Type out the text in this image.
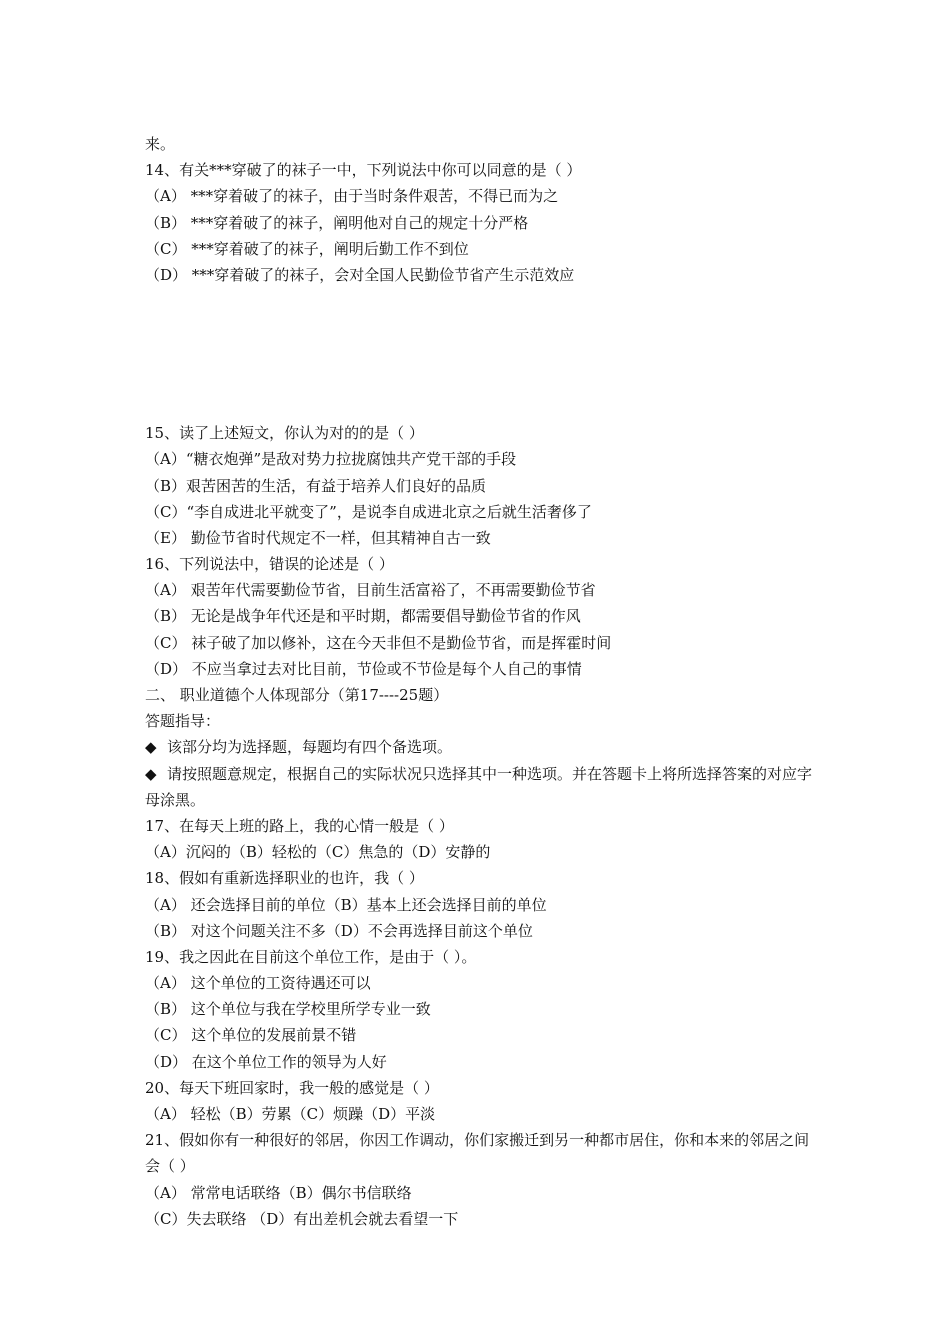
来。
14、有关***穿破了的袜子一中，下列说法中你可以同意的是（ ）
（A） ***穿着破了的袜子，由于当时条件艰苦，不得已而为之
（B） ***穿着破了的袜子，阐明他对自己的规定十分严格
（C） ***穿着破了的袜子，阐明后勤工作不到位
（D） ***穿着破了的袜子，会对全国人民勤俭节省产生示范效应
15、读了上述短文，你认为对的的是（ ）
（A）“糖衣炮弹”是敌对势力拉拢腐蚀共产党干部的手段
（B）艰苦困苦的生活，有益于培养人们良好的品质
（C）“李自成进北平就变了”，是说李自成进北京之后就生活奢侈了
（E） 勤俭节省时代规定不一样，但其精神自古一致
16、下列说法中，错误的论述是（ ）
（A） 艰苦年代需要勤俭节省，目前生活富裕了，不再需要勤俭节省
（B） 无论是战争年代还是和平时期，都需要倡导勤俭节省的作风
（C） 袜子破了加以修补，这在今天非但不是勤俭节省，而是挥霍时间
（D） 不应当拿过去对比目前，节俭或不节俭是每个人自己的事情
二、 职业道德个人体现部分（第17----25题）
答题指导：
◆ 该部分均为选择题，每题均有四个备选项。
◆ 请按照题意规定，根据自己的实际状况只选择其中一种选项。并在答题卡上将所选择答案的对应字母涂黑。
17、在每天上班的路上，我的心情一般是（ ）
（A）沉闷的（B）轻松的（C）焦急的（D）安静的
18、假如有重新选择职业的也许，我（ ）
（A） 还会选择目前的单位（B）基本上还会选择目前的单位
（B） 对这个问题关注不多（D）不会再选择目前这个单位
19、我之因此在目前这个单位工作，是由于（ ）。
（A） 这个单位的工资待遇还可以
（B） 这个单位与我在学校里所学专业一致
（C） 这个单位的发展前景不错
（D） 在这个单位工作的领导为人好
20、每天下班回家时，我一般的感觉是（ ）
（A） 轻松（B）劳累（C）烦躁（D）平淡
21、假如你有一种很好的邻居，你因工作调动，你们家搬迁到另一种都市居住，你和本来的邻居之间会（ ）
（A） 常常电话联络（B）偶尔书信联络
（C）失去联络 （D）有出差机会就去看望一下
